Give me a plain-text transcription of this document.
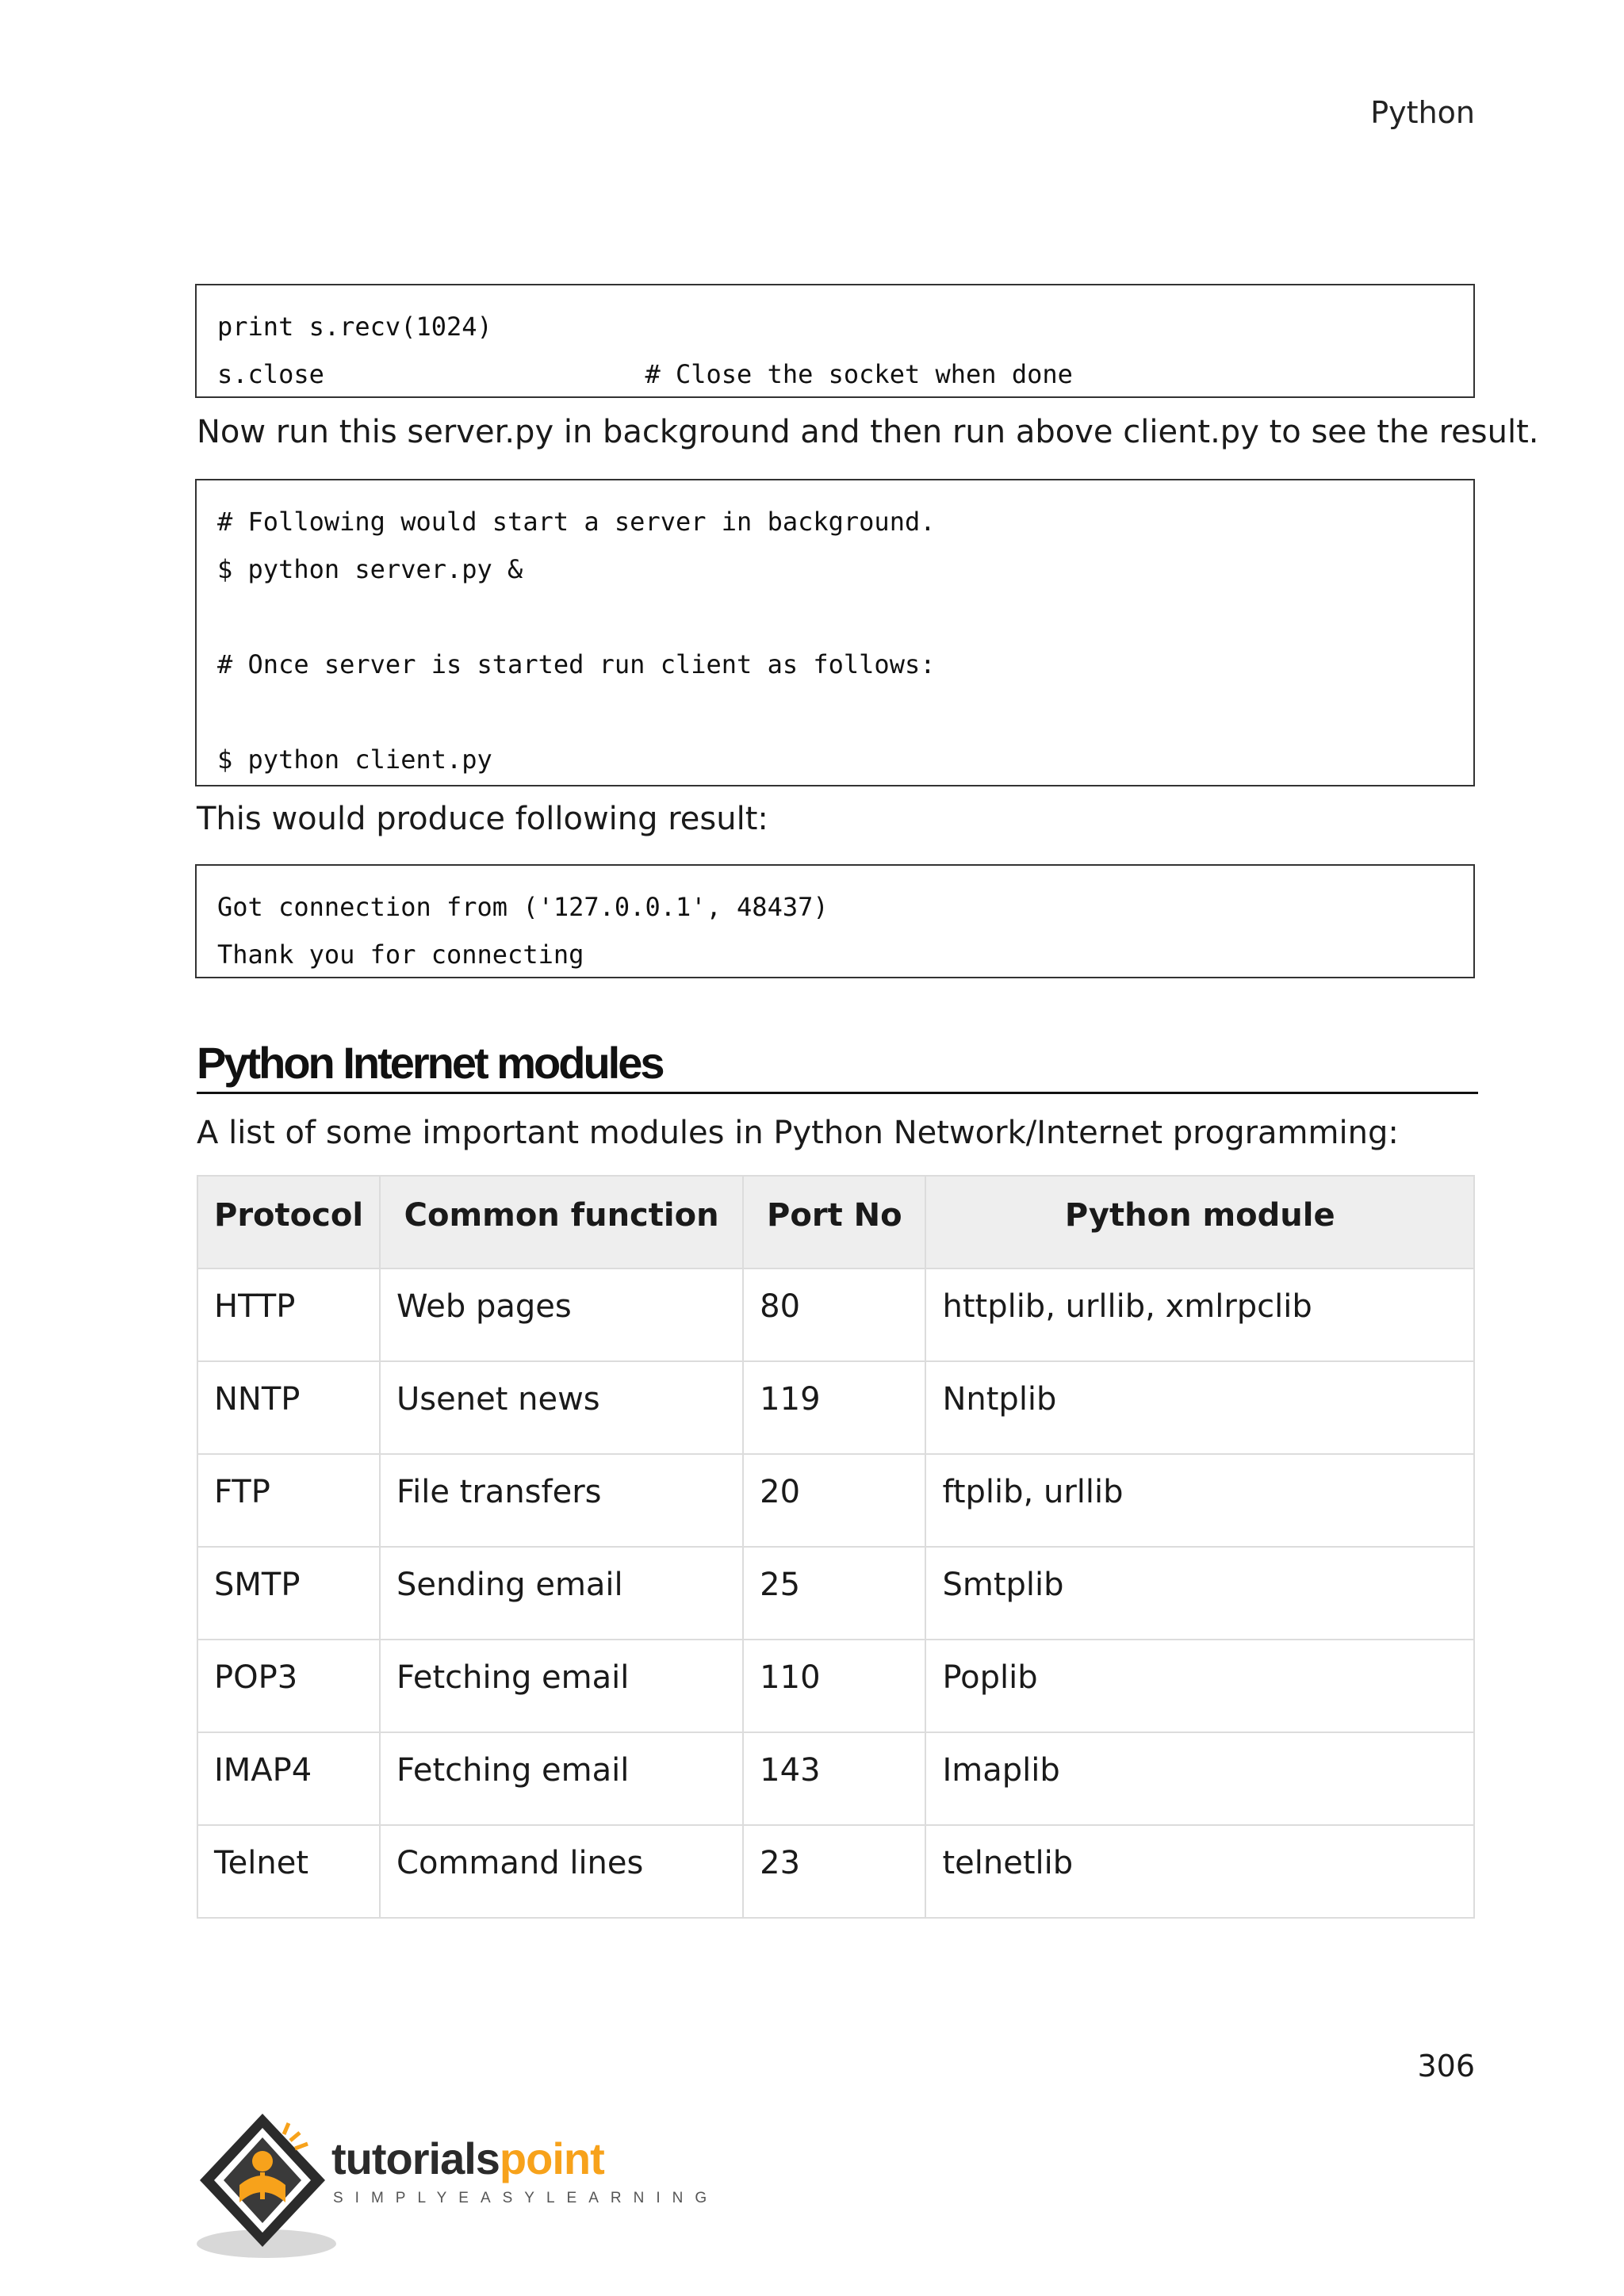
Python
print s.recv(1024)
s.close                     # Close the socket when done
Now run this server.py in background and then run above client.py to see the result.
# Following would start a server in background.
$ python server.py &

# Once server is started run client as follows:

$ python client.py
This would produce following result:
Got connection from ('127.0.0.1', 48437)
Thank you for connecting
Python Internet modules
A list of some important modules in Python Network/Internet programming:
Protocol	Common function	Port No	Python module
HTTP	Web pages	80	httplib, urllib, xmlrpclib
NNTP	Usenet news	119	Nntplib
FTP	File transfers	20	ftplib, urllib
SMTP	Sending email	25	Smtplib
POP3	Fetching email	110	Poplib
IMAP4	Fetching email	143	Imaplib
Telnet	Command lines	23	telnetlib
306
tutorialspoint
SIMPLYEASYLEARNING
